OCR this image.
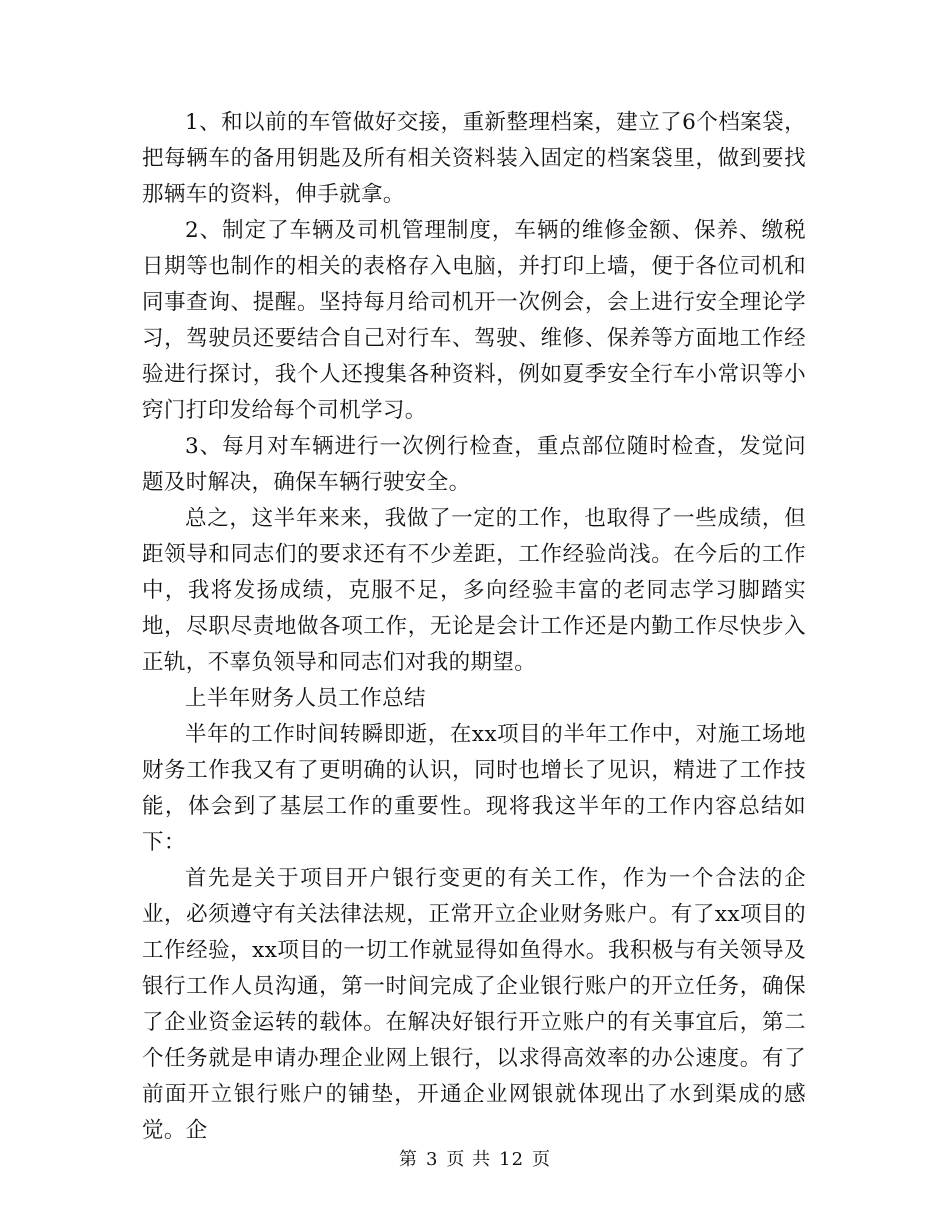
1、和以前的车管做好交接，重新整理档案，建立了6个档案袋，把每辆车的备用钥匙及所有相关资料装入固定的档案袋里，做到要找那辆车的资料，伸手就拿。

2、制定了车辆及司机管理制度，车辆的维修金额、保养、缴税日期等也制作的相关的表格存入电脑，并打印上墙，便于各位司机和同事查询、提醒。坚持每月给司机开一次例会，会上进行安全理论学习，驾驶员还要结合自己对行车、驾驶、维修、保养等方面地工作经验进行探讨，我个人还搜集各种资料，例如夏季安全行车小常识等小窍门打印发给每个司机学习。

3、每月对车辆进行一次例行检查，重点部位随时检查，发觉问题及时解决，确保车辆行驶安全。

总之，这半年来来，我做了一定的工作，也取得了一些成绩，但距领导和同志们的要求还有不少差距，工作经验尚浅。在今后的工作中，我将发扬成绩，克服不足，多向经验丰富的老同志学习脚踏实地，尽职尽责地做各项工作，无论是会计工作还是内勤工作尽快步入正轨，不辜负领导和同志们对我的期望。

上半年财务人员工作总结

半年的工作时间转瞬即逝，在xx项目的半年工作中，对施工场地财务工作我又有了更明确的认识，同时也增长了见识，精进了工作技能，体会到了基层工作的重要性。现将我这半年的工作内容总结如下：

首先是关于项目开户银行变更的有关工作，作为一个合法的企业，必须遵守有关法律法规，正常开立企业财务账户。有了xx项目的工作经验，xx项目的一切工作就显得如鱼得水。我积极与有关领导及银行工作人员沟通，第一时间完成了企业银行账户的开立任务，确保了企业资金运转的载体。在解决好银行开立账户的有关事宜后，第二个任务就是申请办理企业网上银行，以求得高效率的办公速度。有了前面开立银行账户的铺垫，开通企业网银就体现出了水到渠成的感觉。企

第 3 页 共 12 页
